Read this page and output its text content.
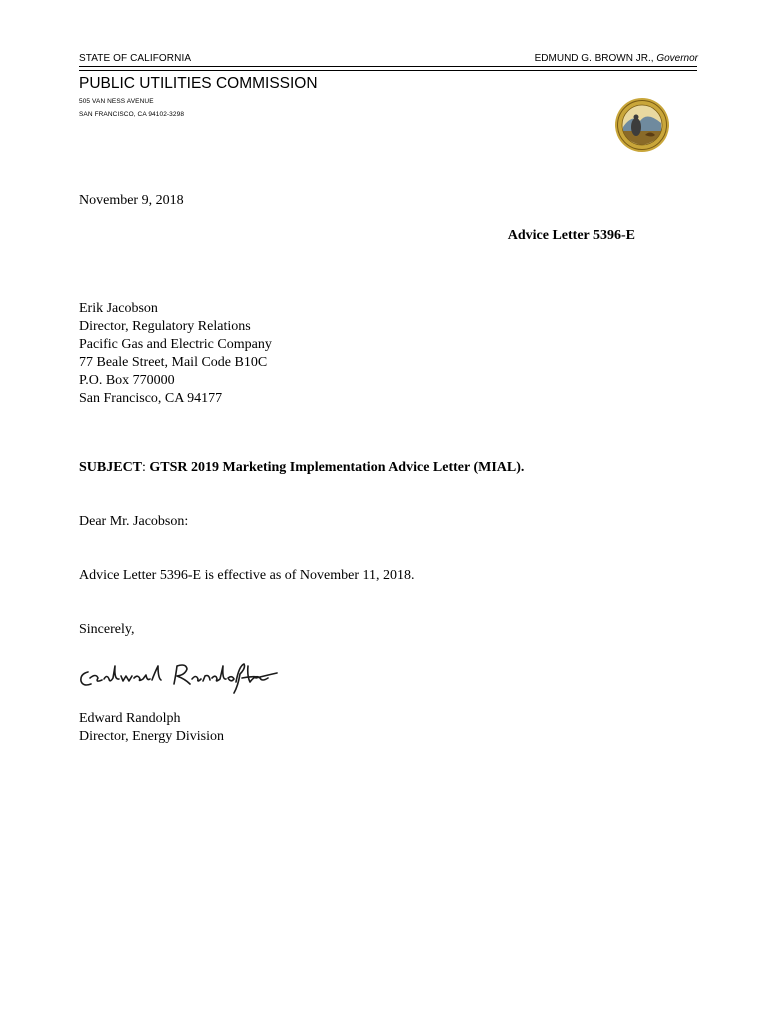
STATE OF CALIFORNIA	EDMUND G. BROWN JR., Governor
PUBLIC UTILITIES COMMISSION
505 VAN NESS AVENUE
SAN FRANCISCO, CA 94102-3298
November 9, 2018
Advice Letter 5396-E
Erik Jacobson
Director, Regulatory Relations
Pacific Gas and Electric Company
77 Beale Street, Mail Code B10C
P.O. Box 770000
San Francisco, CA 94177
SUBJECT: GTSR 2019 Marketing Implementation Advice Letter (MIAL).
Dear Mr. Jacobson:
Advice Letter 5396-E is effective as of November 11, 2018.
Sincerely,
Edward Randolph
Director, Energy Division
